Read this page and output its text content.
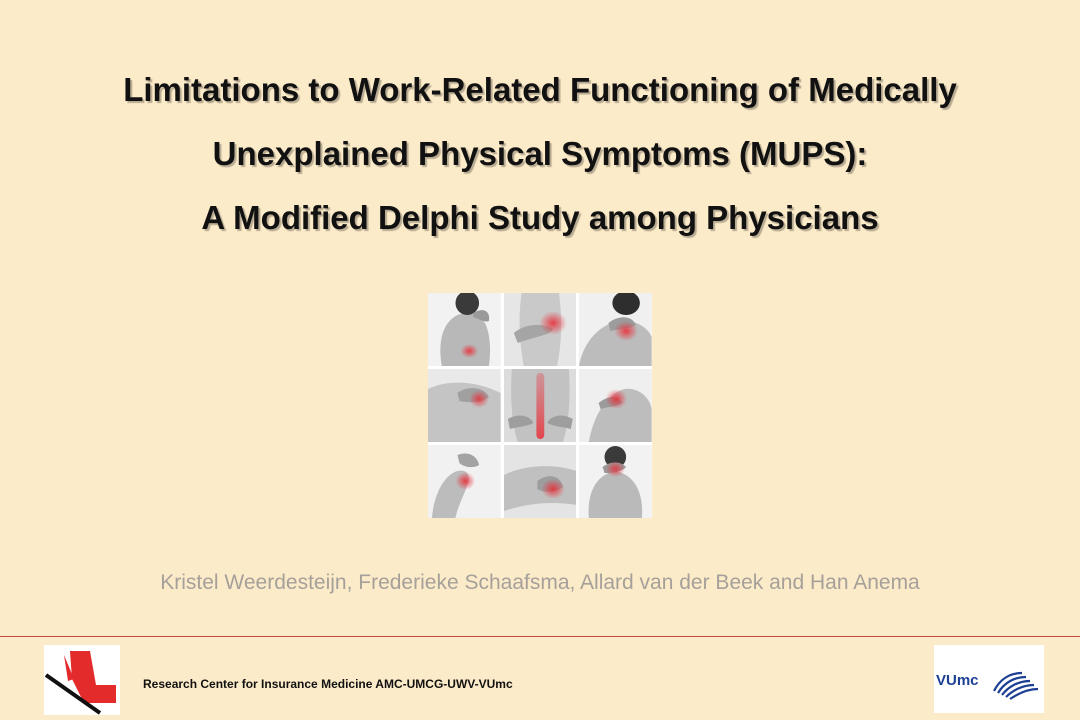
Limitations to Work-Related Functioning of Medically
Unexplained Physical Symptoms (MUPS):
A Modified Delphi Study among Physicians
Kristel Weerdesteijn, Frederieke Schaafsma, Allard van der Beek and Han Anema
Research Center for Insurance Medicine AMC-UMCG-UWV-VUmc	VUmc
